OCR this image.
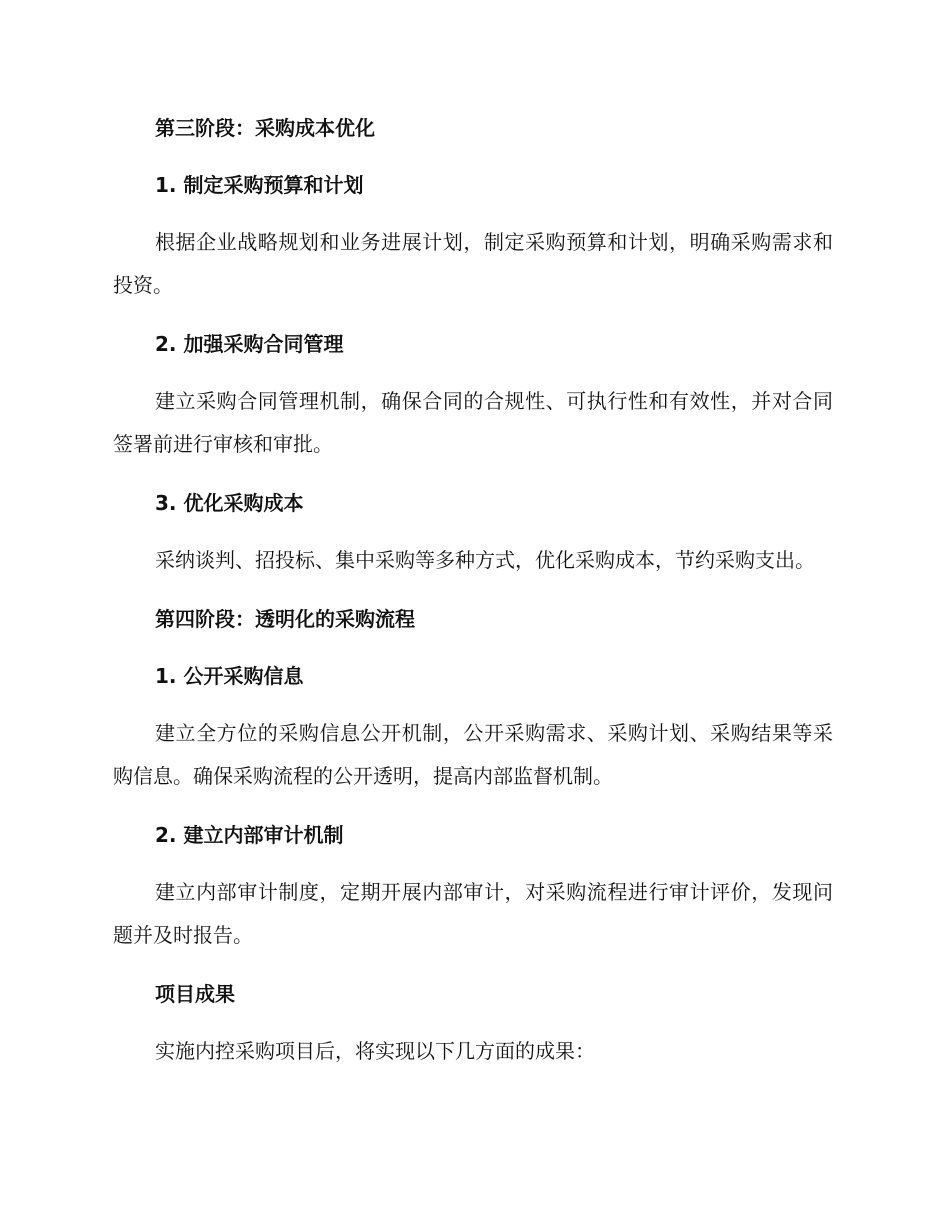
第三阶段：采购成本优化
1. 制定采购预算和计划
根据企业战略规划和业务进展计划，制定采购预算和计划，明确采购需求和投资。
2. 加强采购合同管理
建立采购合同管理机制，确保合同的合规性、可执行性和有效性，并对合同签署前进行审核和审批。
3. 优化采购成本
采纳谈判、招投标、集中采购等多种方式，优化采购成本，节约采购支出。
第四阶段：透明化的采购流程
1. 公开采购信息
建立全方位的采购信息公开机制，公开采购需求、采购计划、采购结果等采购信息。确保采购流程的公开透明，提高内部监督机制。
2. 建立内部审计机制
建立内部审计制度，定期开展内部审计，对采购流程进行审计评价，发现问题并及时报告。
项目成果
实施内控采购项目后，将实现以下几方面的成果：
